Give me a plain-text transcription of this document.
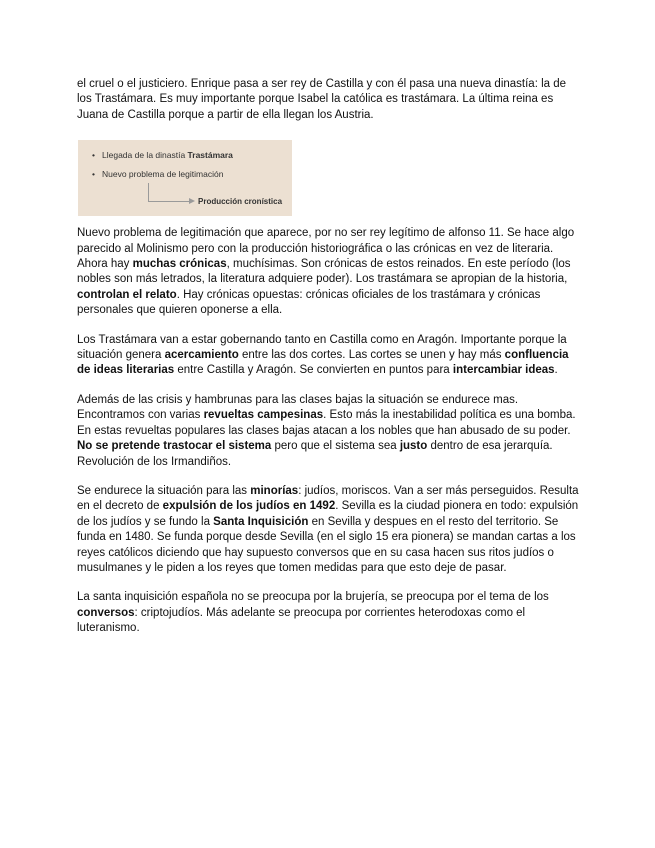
el cruel o el justiciero. Enrique pasa a ser rey de Castilla y con él pasa una nueva dinastía: la de los Trastámara. Es muy importante porque Isabel la católica es trastámara. La última reina es Juana de Castilla porque a partir de ella llegan los Austria.

• Llegada de la dinastía Trastámara
• Nuevo problema de legitimación
Producción cronística

Nuevo problema de legitimación que aparece, por no ser rey legítimo de alfonso 11. Se hace algo parecido al Molinismo pero con la producción historiográfica o las crónicas en vez de literaria. Ahora hay muchas crónicas, muchísimas. Son crónicas de estos reinados. En este período (los nobles son más letrados, la literatura adquiere poder). Los trastámara se apropian de la historia, controlan el relato. Hay crónicas opuestas: crónicas oficiales de los trastámara y crónicas personales que quieren oponerse a ella.

Los Trastámara van a estar gobernando tanto en Castilla como en Aragón. Importante porque la situación genera acercamiento entre las dos cortes. Las cortes se unen y hay más confluencia de ideas literarias entre Castilla y Aragón. Se convierten en puntos para intercambiar ideas.

Además de las crisis y hambrunas para las clases bajas la situación se endurece mas. Encontramos con varias revueltas campesinas. Esto más la inestabilidad política es una bomba. En estas revueltas populares las clases bajas atacan a los nobles que han abusado de su poder. No se pretende trastocar el sistema pero que el sistema sea justo dentro de esa jerarquía. Revolución de los Irmandiños.

Se endurece la situación para las minorías: judíos, moriscos. Van a ser más perseguidos. Resulta en el decreto de expulsión de los judíos en 1492. Sevilla es la ciudad pionera en todo: expulsión de los judíos y se fundo la Santa Inquisición en Sevilla y despues en el resto del territorio. Se funda en 1480. Se funda porque desde Sevilla (en el siglo 15 era pionera) se mandan cartas a los reyes católicos diciendo que hay supuesto conversos que en su casa hacen sus ritos judíos o musulmanes y le piden a los reyes que tomen medidas para que esto deje de pasar.

La santa inquisición española no se preocupa por la brujería, se preocupa por el tema de los conversos: criptojudíos. Más adelante se preocupa por corrientes heterodoxas como el luteranismo.
